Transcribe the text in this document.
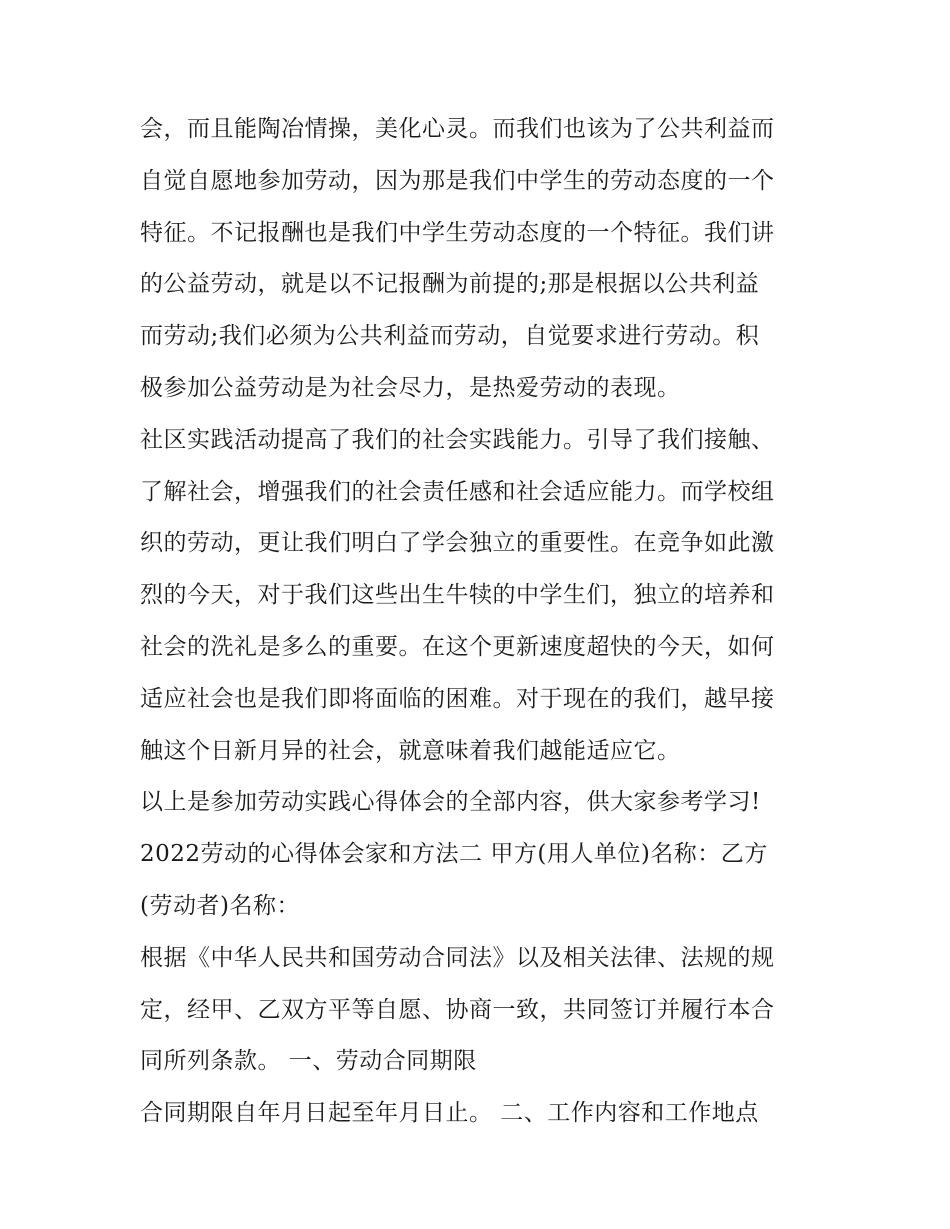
会，而且能陶冶情操，美化心灵。而我们也该为了公共利益而
自觉自愿地参加劳动，因为那是我们中学生的劳动态度的一个
特征。不记报酬也是我们中学生劳动态度的一个特征。我们讲
的公益劳动，就是以不记报酬为前提的;那是根据以公共利益
而劳动;我们必须为公共利益而劳动，自觉要求进行劳动。积
极参加公益劳动是为社会尽力，是热爱劳动的表现。
社区实践活动提高了我们的社会实践能力。引导了我们接触、
了解社会，增强我们的社会责任感和社会适应能力。而学校组
织的劳动，更让我们明白了学会独立的重要性。在竞争如此激
烈的今天，对于我们这些出生牛犊的中学生们，独立的培养和
社会的洗礼是多么的重要。在这个更新速度超快的今天，如何
适应社会也是我们即将面临的困难。对于现在的我们，越早接
触这个日新月异的社会，就意味着我们越能适应它。
以上是参加劳动实践心得体会的全部内容，供大家参考学习!
2022劳动的心得体会家和方法二 甲方(用人单位)名称：乙方
(劳动者)名称：
根据《中华人民共和国劳动合同法》以及相关法律、法规的规
定，经甲、乙双方平等自愿、协商一致，共同签订并履行本合
同所列条款。 一、劳动合同期限
合同期限自年月日起至年月日止。 二、工作内容和工作地点
